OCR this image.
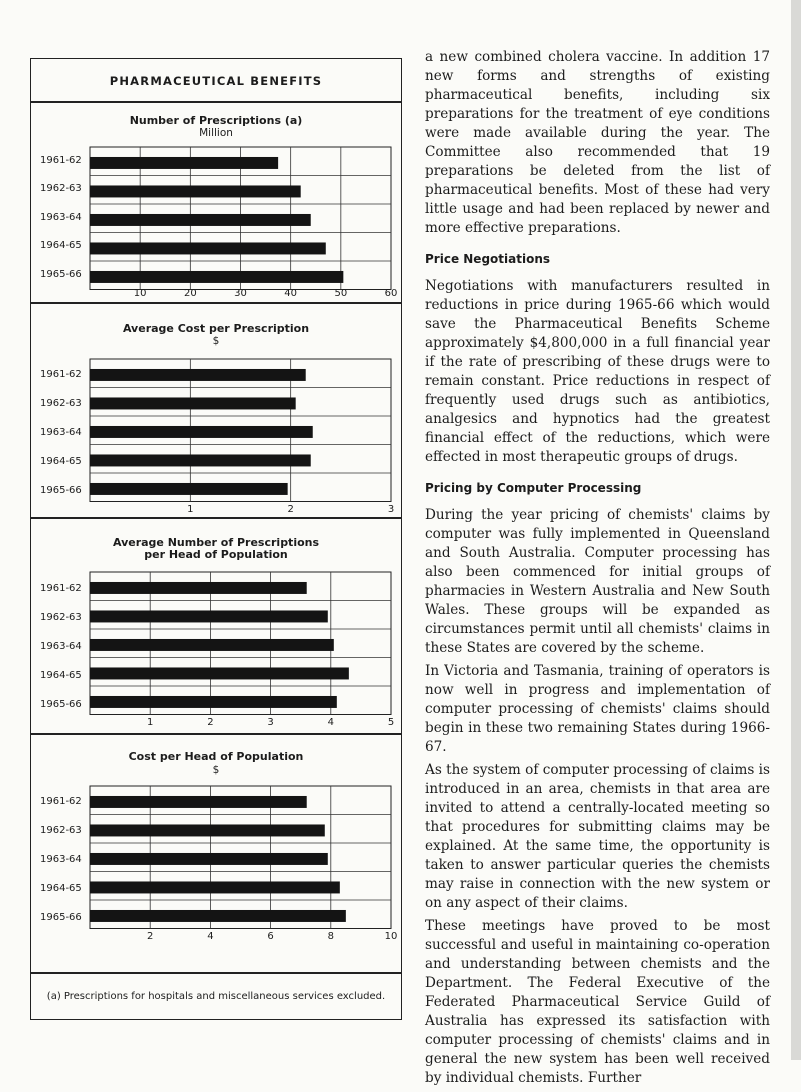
PHARMACEUTICAL BENEFITS
Number of Prescriptions (a)
Million
10	20	30	40	50	60
1961-62
1962-63
1963-64
1964-65
1965-66
Average Cost per Prescription
$
1	2	3
1961-62
1962-63
1963-64
1964-65
1965-66
Average Number of Prescriptions per Head of Population
1	2	3	4	5
1961-62
1962-63
1963-64
1964-65
1965-66
Cost per Head of Population
$
2	4	6	8	10
1961-62
1962-63
1963-64
1964-65
1965-66
(a) Prescriptions for hospitals and miscellaneous services excluded.

a new combined cholera vaccine. In addition 17 new forms and strengths of existing pharmaceutical benefits, including six preparations for the treatment of eye conditions were made available during the year. The Committee also recommended that 19 preparations be deleted from the list of pharmaceutical benefits. Most of these had very little usage and had been replaced by newer and more effective preparations.

Price Negotiations

Negotiations with manufacturers resulted in reductions in price during 1965-66 which would save the Pharmaceutical Benefits Scheme approximately $4,800,000 in a full financial year if the rate of prescribing of these drugs were to remain constant. Price reductions in respect of frequently used drugs such as antibiotics, analgesics and hypnotics had the greatest financial effect of the reductions, which were effected in most therapeutic groups of drugs.

Pricing by Computer Processing

During the year pricing of chemists' claims by computer was fully implemented in Queensland and South Australia. Computer processing has also been commenced for initial groups of pharmacies in Western Australia and New South Wales. These groups will be expanded as circumstances permit until all chemists' claims in these States are covered by the scheme.

In Victoria and Tasmania, training of operators is now well in progress and implementation of computer processing of chemists' claims should begin in these two remaining States during 1966-67.

As the system of computer processing of claims is introduced in an area, chemists in that area are invited to attend a centrally-located meeting so that procedures for submitting claims may be explained. At the same time, the opportunity is taken to answer particular queries the chemists may raise in connection with the new system or on any aspect of their claims.

These meetings have proved to be most successful and useful in maintaining co-operation and understanding between chemists and the Department. The Federal Executive of the Federated Pharmaceutical Service Guild of Australia has expressed its satisfaction with computer processing of chemists' claims and in general the new system has been well received by individual chemists. Further
